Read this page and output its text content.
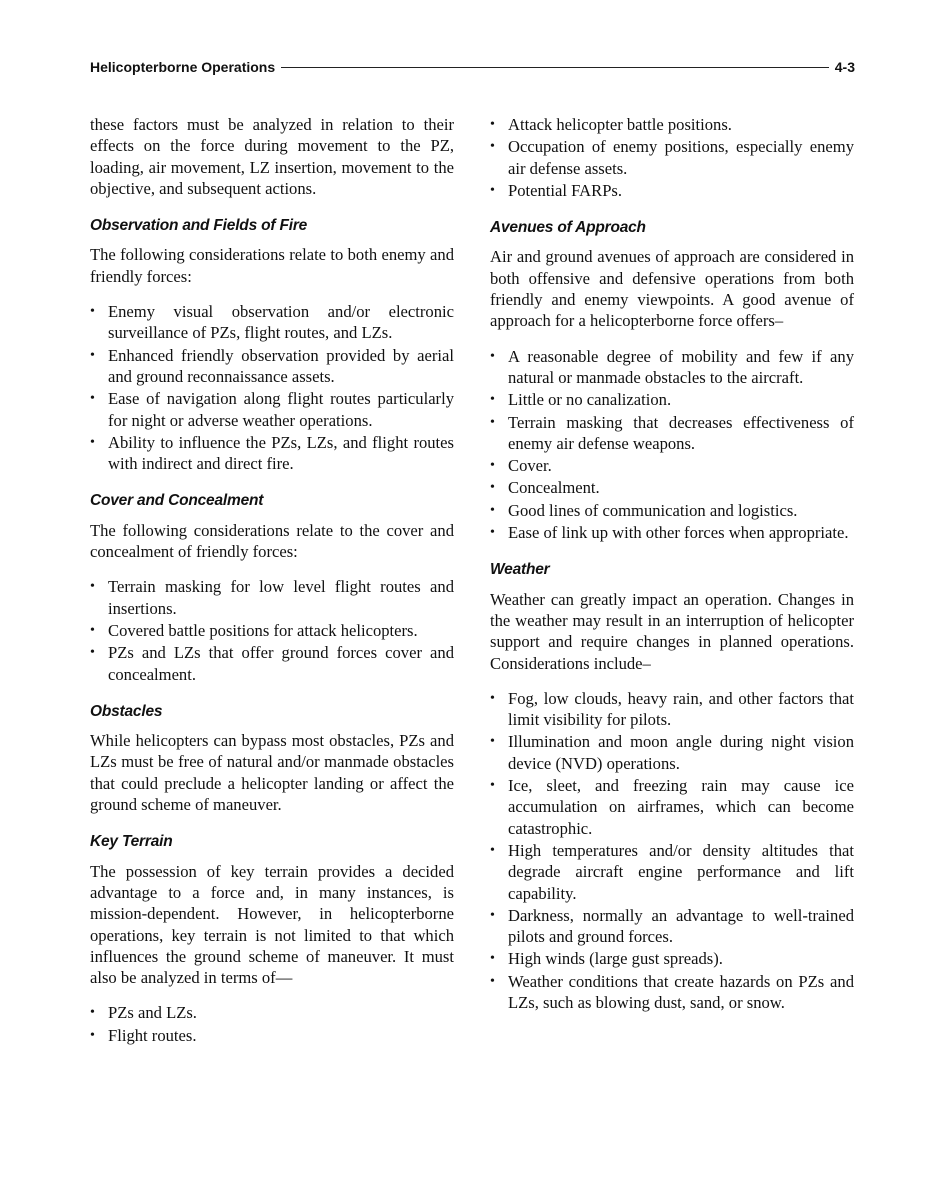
Helicopterborne Operations	4-3

these factors must be analyzed in relation to their effects on the force during movement to the PZ, loading, air movement, LZ insertion, movement to the objective, and subsequent actions.

Observation and Fields of Fire

The following considerations relate to both enemy and friendly forces:

• Enemy visual observation and/or electronic surveillance of PZs, flight routes, and LZs.
• Enhanced friendly observation provided by aerial and ground reconnaissance assets.
• Ease of navigation along flight routes particularly for night or adverse weather operations.
• Ability to influence the PZs, LZs, and flight routes with indirect and direct fire.
Cover and Concealment

The following considerations relate to the cover and concealment of friendly forces:

• Terrain masking for low level flight routes and insertions.
• Covered battle positions for attack helicopters.
• PZs and LZs that offer ground forces cover and concealment.
Obstacles

While helicopters can bypass most obstacles, PZs and LZs must be free of natural and/or manmade obstacles that could preclude a helicopter landing or affect the ground scheme of maneuver.

Key Terrain

The possession of key terrain provides a decided advantage to a force and, in many instances, is mission-dependent. However, in helicopterborne operations, key terrain is not limited to that which influences the ground scheme of maneuver. It must also be analyzed in terms of—

• PZs and LZs.
• Flight routes.
• Attack helicopter battle positions.
• Occupation of enemy positions, especially enemy air defense assets.
• Potential FARPs.
Avenues of Approach

Air and ground avenues of approach are considered in both offensive and defensive operations from both friendly and enemy viewpoints. A good avenue of approach for a helicopterborne force offers–

• A reasonable degree of mobility and few if any natural or manmade obstacles to the aircraft.
• Little or no canalization.
• Terrain masking that decreases effectiveness of enemy air defense weapons.
• Cover.
• Concealment.
• Good lines of communication and logistics.
• Ease of link up with other forces when appropriate.
Weather

Weather can greatly impact an operation. Changes in the weather may result in an interruption of helicopter support and require changes in planned operations. Considerations include–

• Fog, low clouds, heavy rain, and other factors that limit visibility for pilots.
• Illumination and moon angle during night vision device (NVD) operations.
• Ice, sleet, and freezing rain may cause ice accumulation on airframes, which can become catastrophic.
• High temperatures and/or density altitudes that degrade aircraft engine performance and lift capability.
• Darkness, normally an advantage to well-trained pilots and ground forces.
• High winds (large gust spreads).
• Weather conditions that create hazards on PZs and LZs, such as blowing dust, sand, or snow.
